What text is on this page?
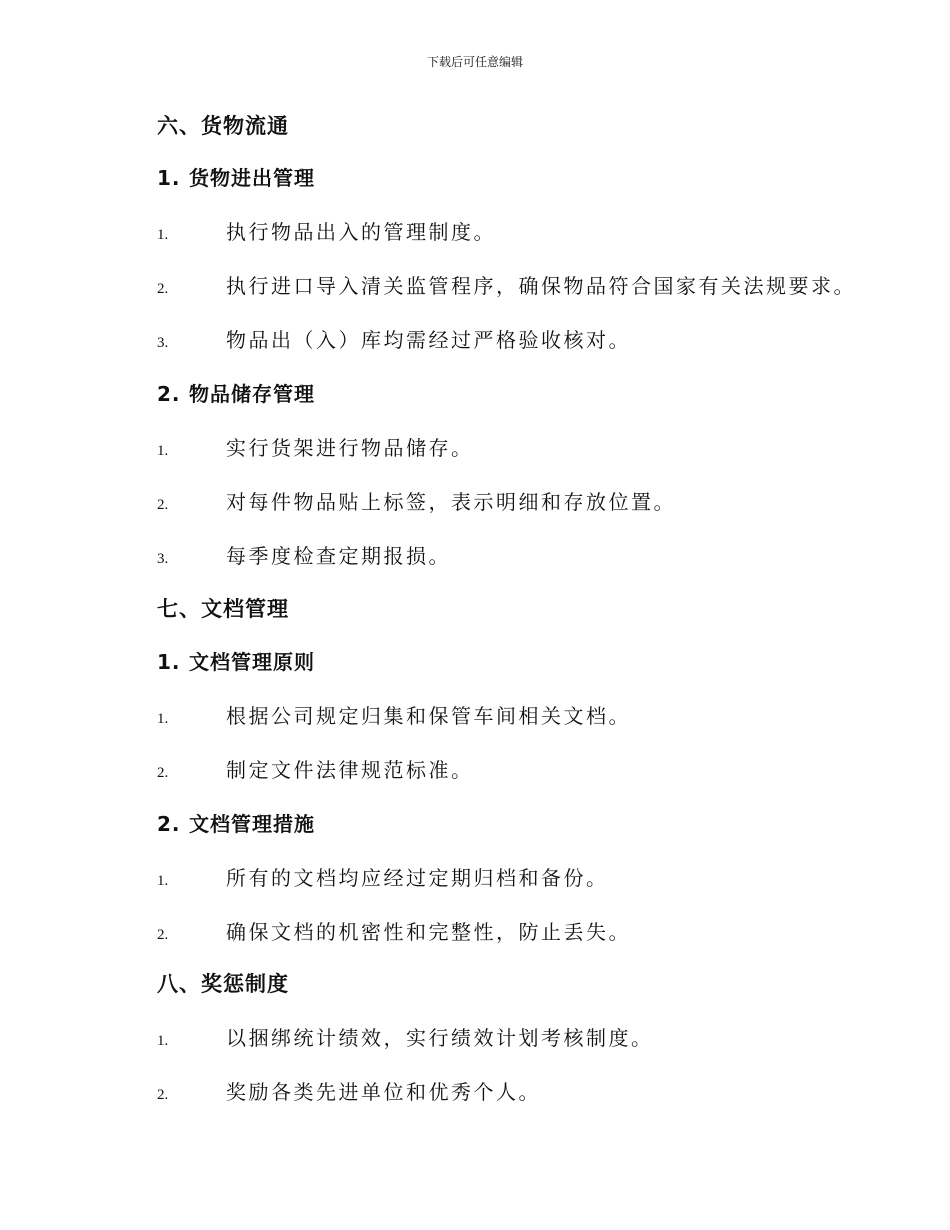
下载后可任意编辑
六、货物流通
1. 货物进出管理
1.	执行物品出入的管理制度。
2.	执行进口导入清关监管程序，确保物品符合国家有关法规要求。
3.	物品出（入）库均需经过严格验收核对。
2. 物品储存管理
1.	实行货架进行物品储存。
2.	对每件物品贴上标签，表示明细和存放位置。
3.	每季度检查定期报损。
七、文档管理
1. 文档管理原则
1.	根据公司规定归集和保管车间相关文档。
2.	制定文件法律规范标准。
2. 文档管理措施
1.	所有的文档均应经过定期归档和备份。
2.	确保文档的机密性和完整性，防止丢失。
八、奖惩制度
1.	以捆绑统计绩效，实行绩效计划考核制度。
2.	奖励各类先进单位和优秀个人。
